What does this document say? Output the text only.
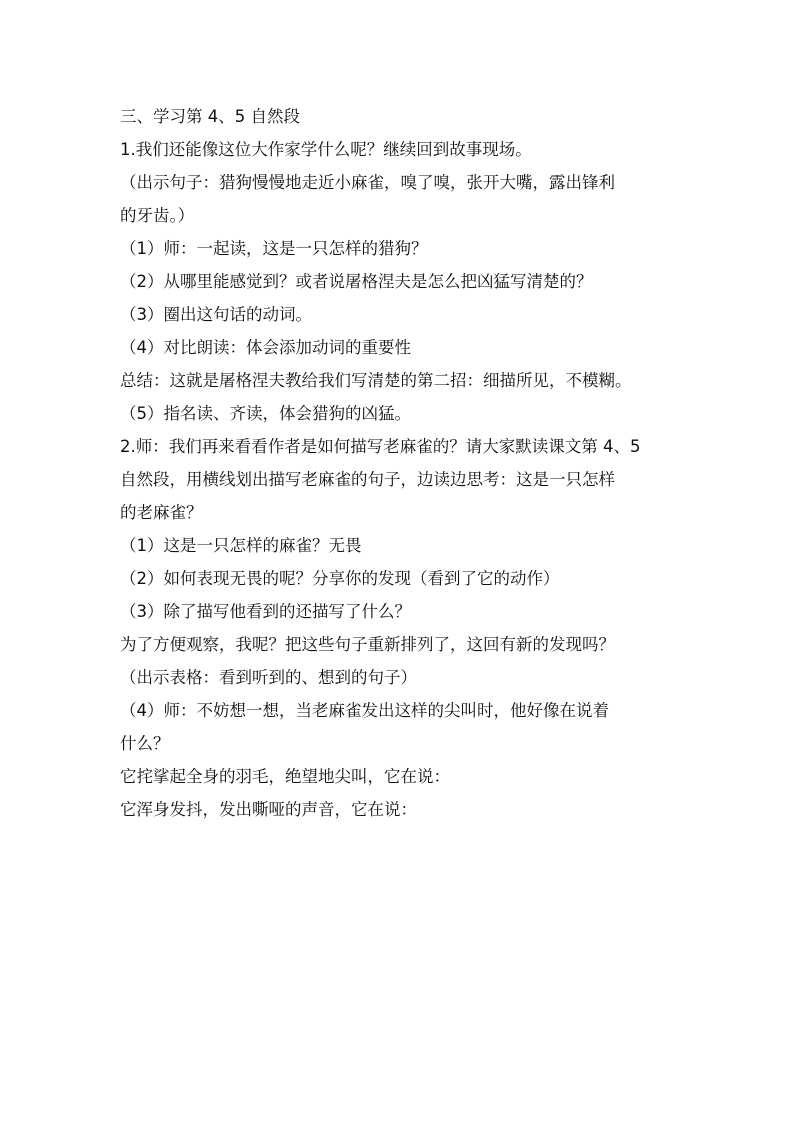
三、学习第 4、5 自然段
1.我们还能像这位大作家学什么呢？继续回到故事现场。
（出示句子：猎狗慢慢地走近小麻雀，嗅了嗅，张开大嘴，露出锋利
的牙齿。）
（1）师：一起读，这是一只怎样的猎狗？
（2）从哪里能感觉到？或者说屠格涅夫是怎么把凶猛写清楚的？
（3）圈出这句话的动词。
（4）对比朗读：体会添加动词的重要性
总结：这就是屠格涅夫教给我们写清楚的第二招：细描所见，不模糊。
（5）指名读、齐读，体会猎狗的凶猛。
2.师：我们再来看看作者是如何描写老麻雀的？请大家默读课文第 4、5
自然段，用横线划出描写老麻雀的句子，边读边思考：这是一只怎样
的老麻雀？
（1）这是一只怎样的麻雀？无畏
（2）如何表现无畏的呢？分享你的发现（看到了它的动作）
（3）除了描写他看到的还描写了什么？
为了方便观察，我呢？把这些句子重新排列了，这回有新的发现吗？
（出示表格：看到听到的、想到的句子）
（4）师：不妨想一想，当老麻雀发出这样的尖叫时，他好像在说着
什么？
它挓挲起全身的羽毛，绝望地尖叫，它在说：
它浑身发抖，发出嘶哑的声音，它在说：
